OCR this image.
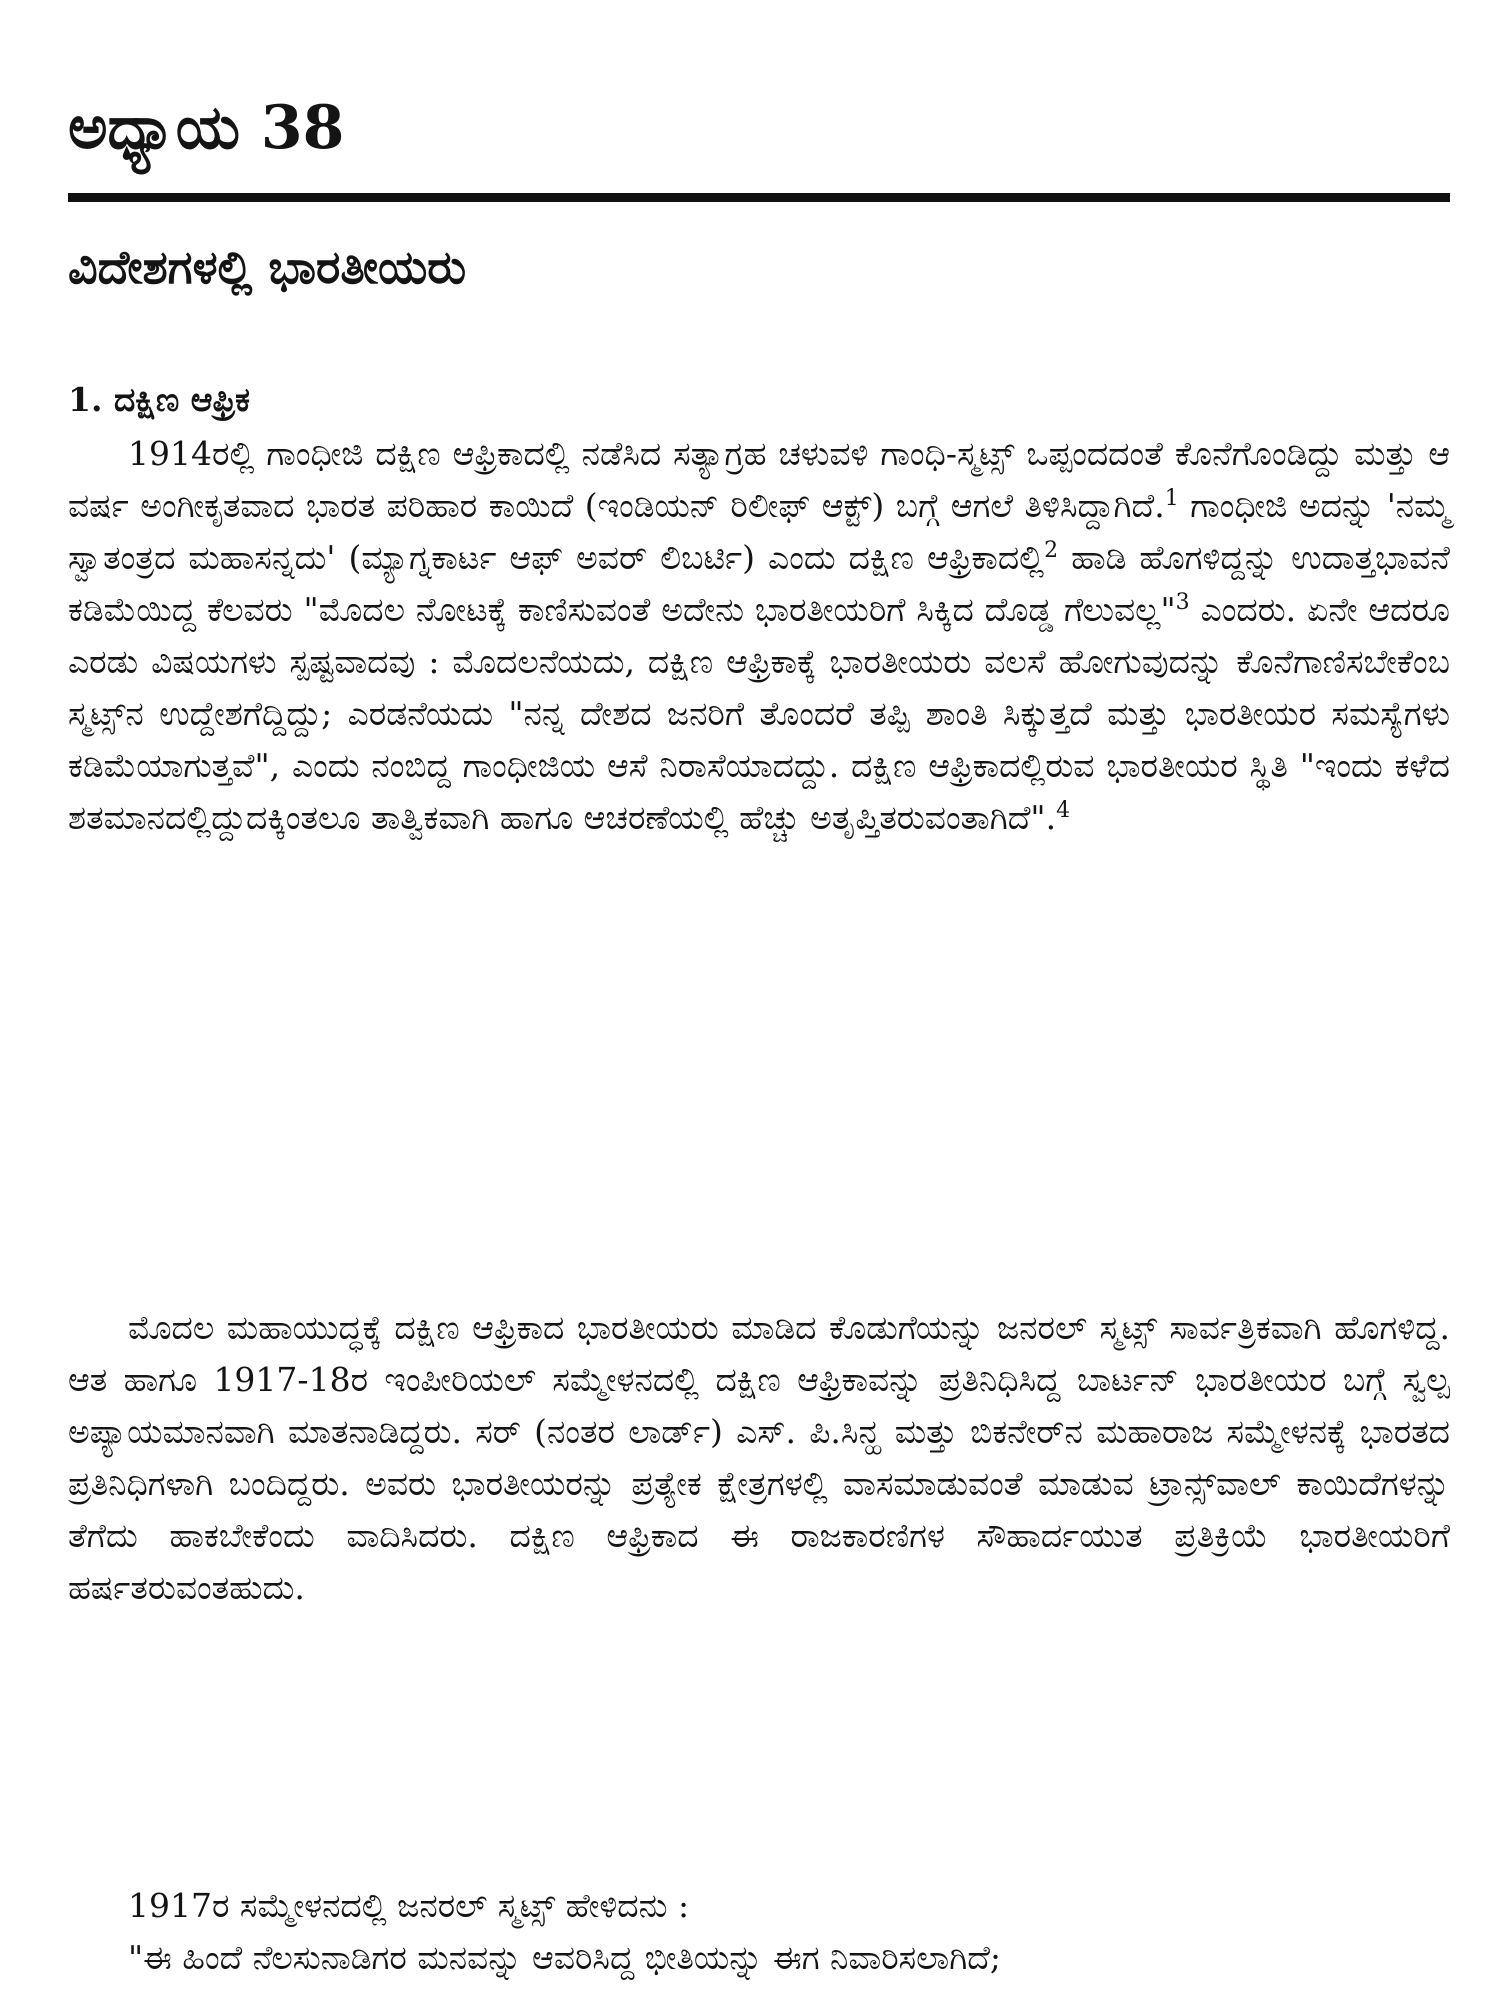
ಅಧ್ಯಾಯ 38
ವಿದೇಶಗಳಲ್ಲಿ ಭಾರತೀಯರು
1. ದಕ್ಷಿಣ ಆಫ್ರಿಕ

1914ರಲ್ಲಿ ಗಾಂಧೀಜಿ ದಕ್ಷಿಣ ಆಫ್ರಿಕಾದಲ್ಲಿ ನಡೆಸಿದ ಸತ್ಯಾಗ್ರಹ ಚಳುವಳಿ ಗಾಂಧಿ-ಸ್ಮಟ್ಸ್ ಒಪ್ಪಂದದಂತೆ ಕೊನೆಗೊಂಡಿದ್ದು ಮತ್ತು ಆ ವರ್ಷ ಅಂಗೀಕೃತವಾದ ಭಾರತ ಪರಿಹಾರ ಕಾಯಿದೆ (ಇಂಡಿಯನ್ ರಿಲೀಫ್ ಆಕ್ಟ್) ಬಗ್ಗೆ ಆಗಲೆ ತಿಳಿಸಿದ್ದಾಗಿದೆ.$^1$ ಗಾಂಧೀಜಿ ಅದನ್ನು 'ನಮ್ಮ ಸ್ವಾತಂತ್ರದ ಮಹಾಸನ್ನದು' (ಮ್ಯಾಗ್ನಕಾರ್ಟ ಆಫ್ ಅವರ್ ಲಿಬರ್ಟಿ) ಎಂದು ದಕ್ಷಿಣ ಆಫ್ರಿಕಾದಲ್ಲಿ$^2$ ಹಾಡಿ ಹೊಗಳಿದ್ದನ್ನು ಉದಾತ್ತಭಾವನೆ ಕಡಿಮೆಯಿದ್ದ ಕೆಲವರು "ಮೊದಲ ನೋಟಕ್ಕೆ ಕಾಣಿಸುವಂತೆ ಅದೇನು ಭಾರತೀಯರಿಗೆ ಸಿಕ್ಕಿದ ದೊಡ್ಡ ಗೆಲುವಲ್ಲ"$^3$ ಎಂದರು. ಏನೇ ಆದರೂ ಎರಡು ವಿಷಯಗಳು ಸ್ಪಷ್ಟವಾದವು : ಮೊದಲನೆಯದು, ದಕ್ಷಿಣ ಆಫ್ರಿಕಾಕ್ಕೆ ಭಾರತೀಯರು ವಲಸೆ ಹೋಗುವುದನ್ನು ಕೊನೆಗಾಣಿಸಬೇಕೆಂಬ ಸ್ಮಟ್ಸ್‌ನ ಉದ್ದೇಶಗೆದ್ದಿದ್ದು; ಎರಡನೆಯದು "ನನ್ನ ದೇಶದ ಜನರಿಗೆ ತೊಂದರೆ ತಪ್ಪಿ ಶಾಂತಿ ಸಿಕ್ಕುತ್ತದೆ ಮತ್ತು ಭಾರತೀಯರ ಸಮಸ್ಯೆಗಳು ಕಡಿಮೆಯಾಗುತ್ತವೆ", ಎಂದು ನಂಬಿದ್ದ ಗಾಂಧೀಜಿಯ ಆಸೆ ನಿರಾಸೆಯಾದದ್ದು. ದಕ್ಷಿಣ ಆಫ್ರಿಕಾದಲ್ಲಿರುವ ಭಾರತೀಯರ ಸ್ಥಿತಿ "ಇಂದು ಕಳೆದ ಶತಮಾನದಲ್ಲಿದ್ದುದಕ್ಕಿಂತಲೂ ತಾತ್ವಿಕವಾಗಿ ಹಾಗೂ ಆಚರಣೆಯಲ್ಲಿ ಹೆಚ್ಚು ಅತೃಪ್ತಿತರುವಂತಾಗಿದೆ".$^4$

ಮೊದಲ ಮಹಾಯುದ್ಧಕ್ಕೆ ದಕ್ಷಿಣ ಆಫ್ರಿಕಾದ ಭಾರತೀಯರು ಮಾಡಿದ ಕೊಡುಗೆಯನ್ನು ಜನರಲ್ ಸ್ಮಟ್ಸ್ ಸಾರ್ವತ್ರಿಕವಾಗಿ ಹೊಗಳಿದ್ದ. ಆತ ಹಾಗೂ 1917-18ರ ಇಂಪೀರಿಯಲ್ ಸಮ್ಮೇಳನದಲ್ಲಿ ದಕ್ಷಿಣ ಆಫ್ರಿಕಾವನ್ನು ಪ್ರತಿನಿಧಿಸಿದ್ದ ಬಾರ್ಟನ್ ಭಾರತೀಯರ ಬಗ್ಗೆ ಸ್ವಲ್ಪ ಅಪ್ಯಾಯಮಾನವಾಗಿ ಮಾತನಾಡಿದ್ದರು. ಸರ್ (ನಂತರ ಲಾರ್ಡ್) ಎಸ್. ಪಿ.ಸಿನ್ಹ ಮತ್ತು ಬಿಕನೇರ್‌ನ ಮಹಾರಾಜ ಸಮ್ಮೇಳನಕ್ಕೆ ಭಾರತದ ಪ್ರತಿನಿಧಿಗಳಾಗಿ ಬಂದಿದ್ದರು. ಅವರು ಭಾರತೀಯರನ್ನು ಪ್ರತ್ಯೇಕ ಕ್ಷೇತ್ರಗಳಲ್ಲಿ ವಾಸಮಾಡುವಂತೆ ಮಾಡುವ ಟ್ರಾನ್ಸ್‌ವಾಲ್ ಕಾಯಿದೆಗಳನ್ನು ತೆಗೆದು ಹಾಕಬೇಕೆಂದು ವಾದಿಸಿದರು. ದಕ್ಷಿಣ ಆಫ್ರಿಕಾದ ಈ ರಾಜಕಾರಣಿಗಳ ಸೌಹಾರ್ದಯುತ ಪ್ರತಿಕ್ರಿಯೆ ಭಾರತೀಯರಿಗೆ ಹರ್ಷತರುವಂತಹುದು.

1917ರ ಸಮ್ಮೇಳನದಲ್ಲಿ ಜನರಲ್ ಸ್ಮಟ್ಸ್ ಹೇಳಿದನು :

"ಈ ಹಿಂದೆ ನೆಲಸುನಾಡಿಗರ ಮನವನ್ನು ಆವರಿಸಿದ್ದ ಭೀತಿಯನ್ನು ಈಗ ನಿವಾರಿಸಲಾಗಿದೆ;
